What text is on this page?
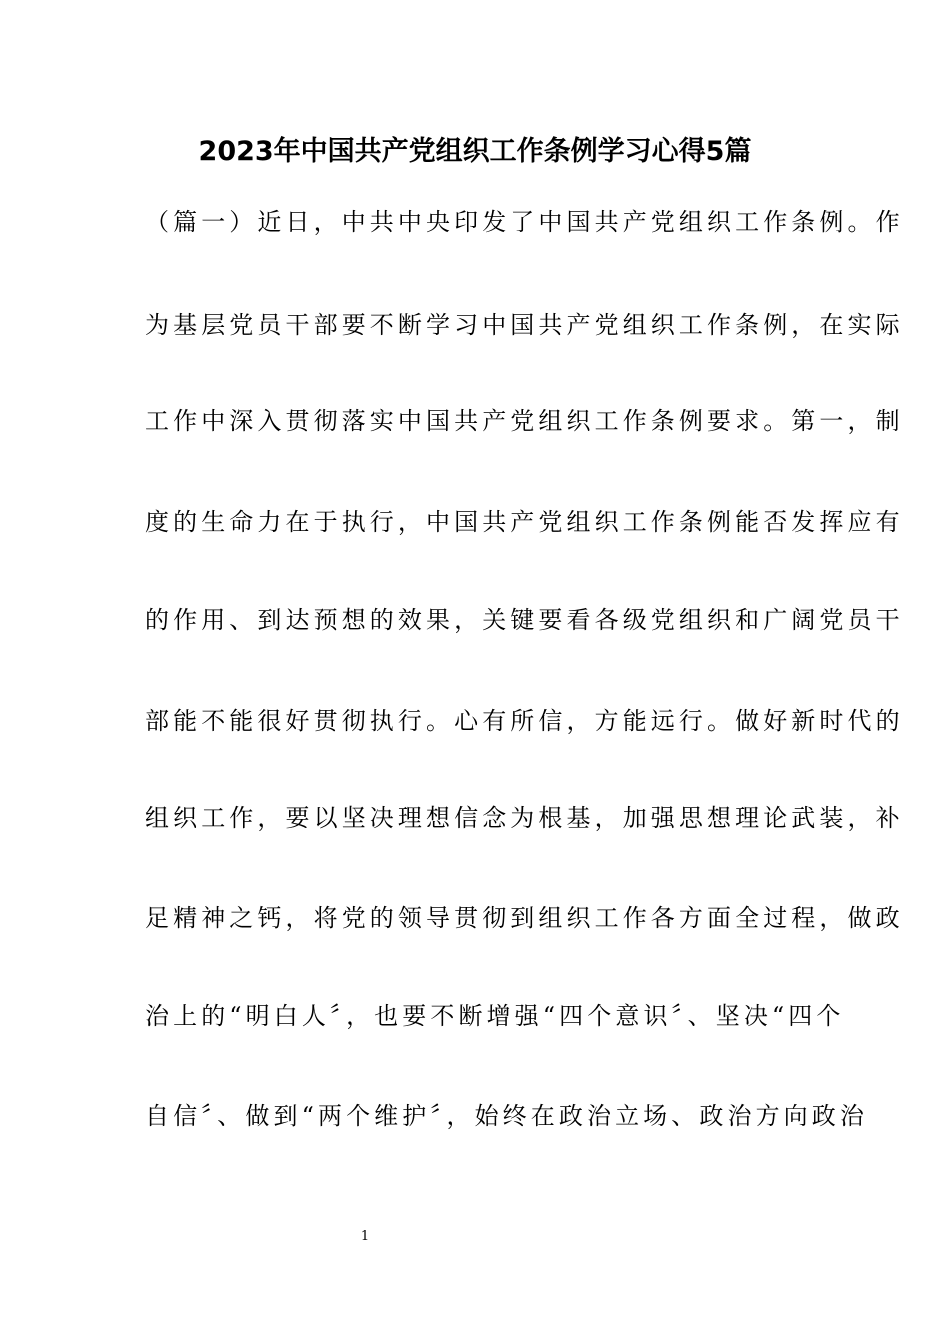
2023年中国共产党组织工作条例学习心得5篇
（篇一）近日，中共中央印发了中国共产党组织工作条例。作
为基层党员干部要不断学习中国共产党组织工作条例，在实际
工作中深入贯彻落实中国共产党组织工作条例要求。第一，制
度的生命力在于执行，中国共产党组织工作条例能否发挥应有
的作用、到达预想的效果，关键要看各级党组织和广阔党员干
部能不能很好贯彻执行。心有所信，方能远行。做好新时代的
组织工作，要以坚决理想信念为根基，加强思想理论武装，补
足精神之钙，将党的领导贯彻到组织工作各方面全过程，做政
治上的“明白人〞，也要不断增强“四个意识〞、坚决“四个
自信〞、做到“两个维护〞，始终在政治立场、政治方向政治
1
